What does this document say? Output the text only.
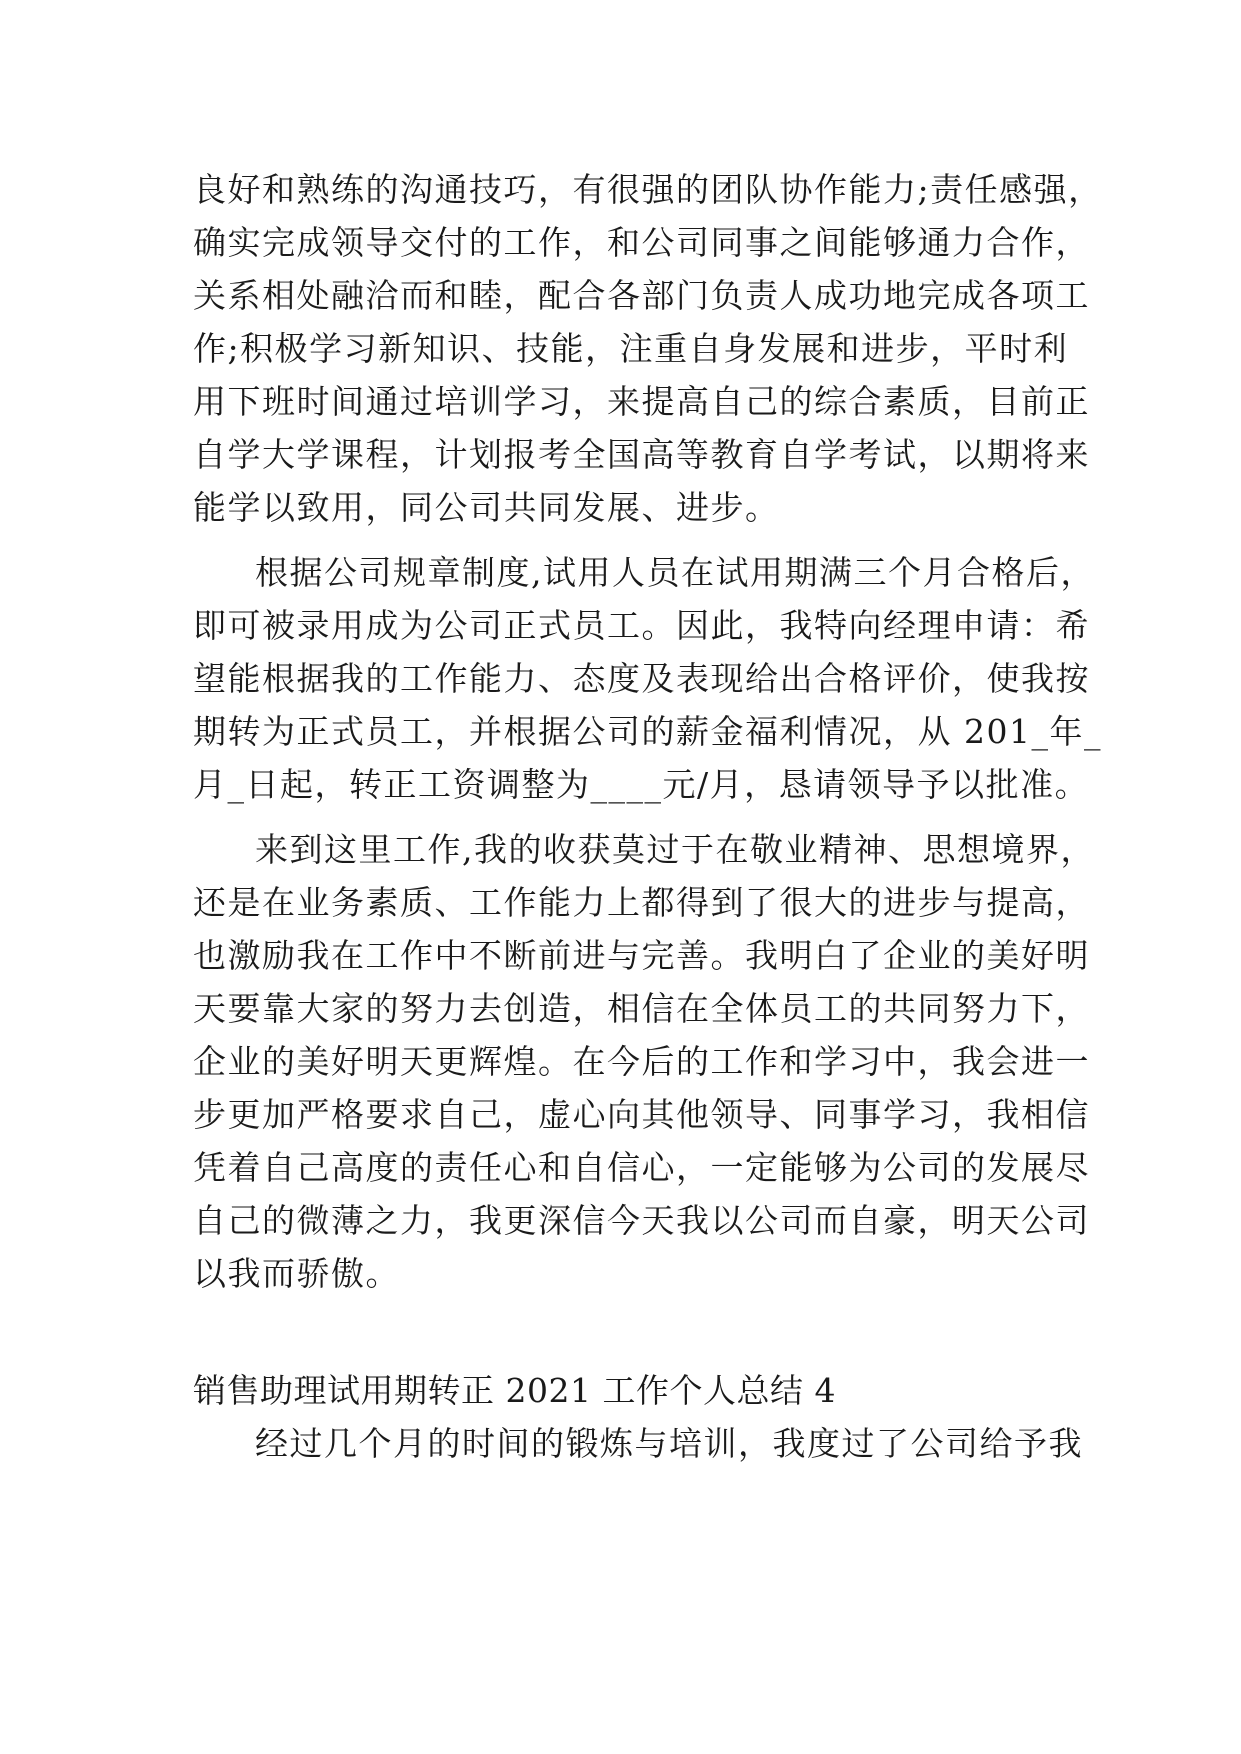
良好和熟练的沟通技巧，有很强的团队协作能力;责任感强，
确实完成领导交付的工作，和公司同事之间能够通力合作，
关系相处融洽而和睦，配合各部门负责人成功地完成各项工
作;积极学习新知识、技能，注重自身发展和进步，平时利
用下班时间通过培训学习，来提高自己的综合素质，目前正
自学大学课程，计划报考全国高等教育自学考试，以期将来
能学以致用，同公司共同发展、进步。
根据公司规章制度,试用人员在试用期满三个月合格后，
即可被录用成为公司正式员工。因此，我特向经理申请：希
望能根据我的工作能力、态度及表现给出合格评价，使我按
期转为正式员工，并根据公司的薪金福利情况，从 201_年_
月_日起，转正工资调整为____元/月，恳请领导予以批准。
来到这里工作,我的收获莫过于在敬业精神、思想境界，
还是在业务素质、工作能力上都得到了很大的进步与提高，
也激励我在工作中不断前进与完善。我明白了企业的美好明
天要靠大家的努力去创造，相信在全体员工的共同努力下，
企业的美好明天更辉煌。在今后的工作和学习中，我会进一
步更加严格要求自己，虚心向其他领导、同事学习，我相信
凭着自己高度的责任心和自信心，一定能够为公司的发展尽
自己的微薄之力，我更深信今天我以公司而自豪，明天公司
以我而骄傲。
销售助理试用期转正 2021 工作个人总结 4
经过几个月的时间的锻炼与培训，我度过了公司给予我
